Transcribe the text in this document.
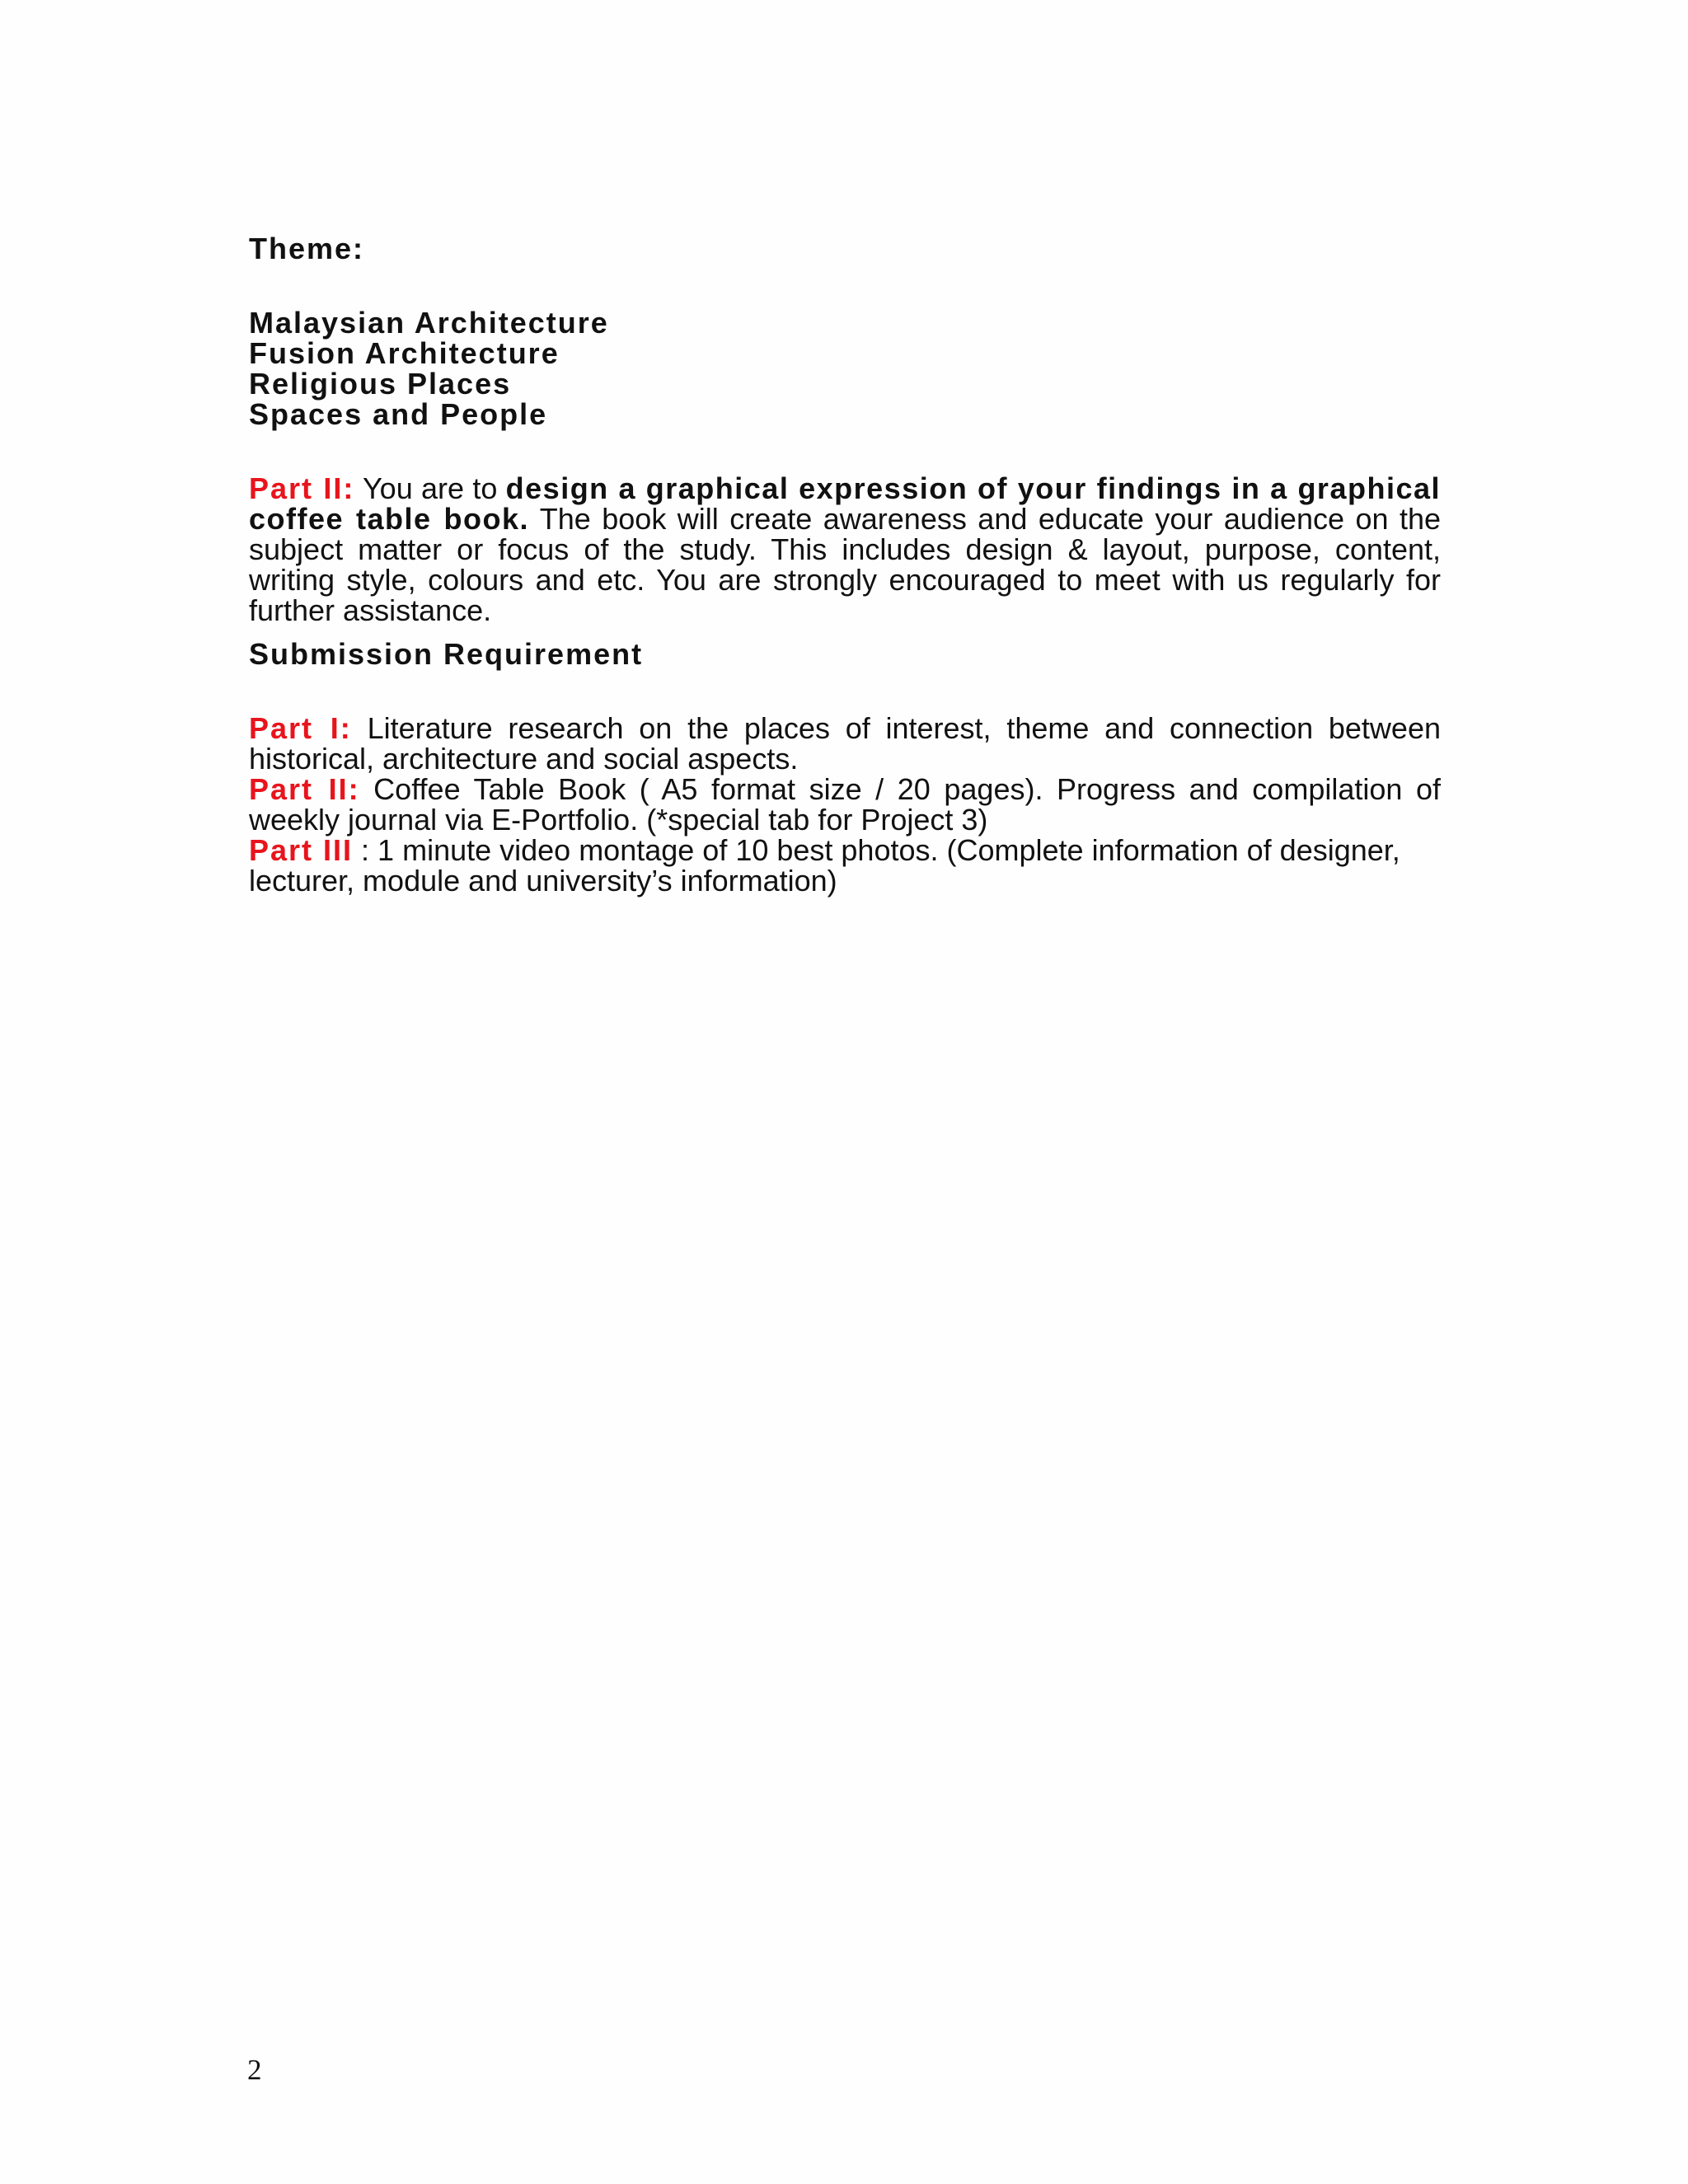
Theme:

Malaysian Architecture
Fusion Architecture
Religious Places
Spaces and People

Part II: You are to design a graphical expression of your findings in a graphical coffee table book. The book will create awareness and educate your audience on the subject matter or focus of the study. This includes design & layout, purpose, content, writing style, colours and etc. You are strongly encouraged to meet with us regularly for further assistance.

Submission Requirement

Part I: Literature research on the places of interest, theme and connection between historical, architecture and social aspects.

Part II: Coffee Table Book ( A5 format size / 20 pages). Progress and compilation of weekly journal via E-Portfolio. (*special tab for Project 3)

Part III : 1 minute video montage of 10 best photos. (Complete information of designer, lecturer, module and university’s information)

2
